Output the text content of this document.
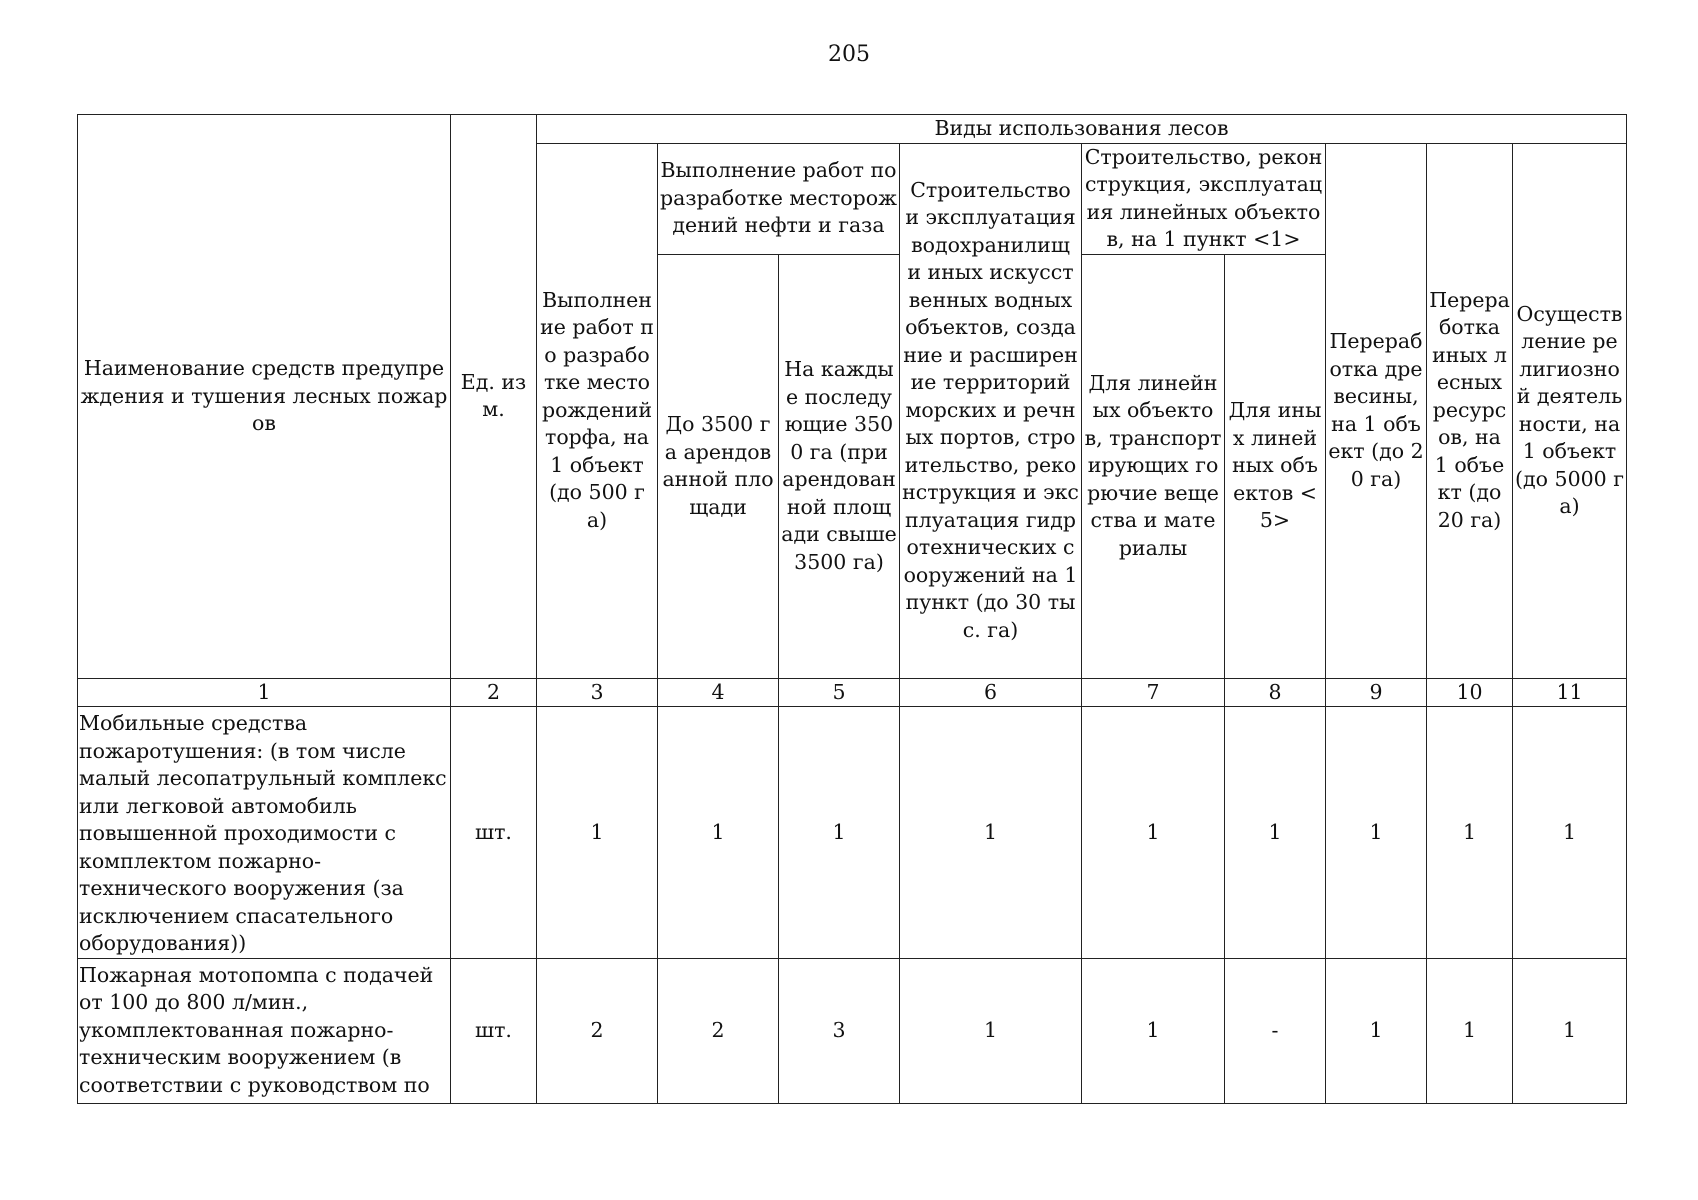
205
Наименование средств предупреждения и тушения лесных пожаров	Ед. изм.	Виды использования лесов								
		Выполнение работ по разработке месторождений торфа, на 1 объект (до 500 га)	Выполнение работ по разработке месторождений нефти и газа		Строительство и эксплуатация водохранилищ и иных искусственных водных объектов, создание и расширение территорий морских и речных портов, строительство, реконструкция и эксплуатация гидротехнических сооружений на 1 пункт (до 30 тыс. га)	Строительство, реконструкция, эксплуатация линейных объектов, на 1 пункт <1>		Переработка древесины, на 1 объект (до 20 га)	Переработка иных лесных ресурсов, на 1 объект (до 20 га)	Осуществление религиозной деятельности, на 1 объект (до 5000 га)
			До 3500 га арендованной площади	На каждые последующие 3500 га (при арендованной площади свыше 3500 га)		Для линейных объектов, транспортирующих горючие вещества и материалы	Для иных линейных объектов <5>			
1	2	3	4	5	6	7	8	9	10	11
Мобильные средства пожаротушения: (в том числе малый лесопатрульный комплекс или легковой автомобиль повышенной проходимости с комплектом пожарно-технического вооружения (за исключением спасательного оборудования))	шт.	1	1	1	1	1	1	1	1	1
Пожарная мотопомпа с подачей от 100 до 800 л/мин., укомплектованная пожарно-техническим вооружением (в соответствии с руководством по	шт.	2	2	3	1	1	-	1	1	1
